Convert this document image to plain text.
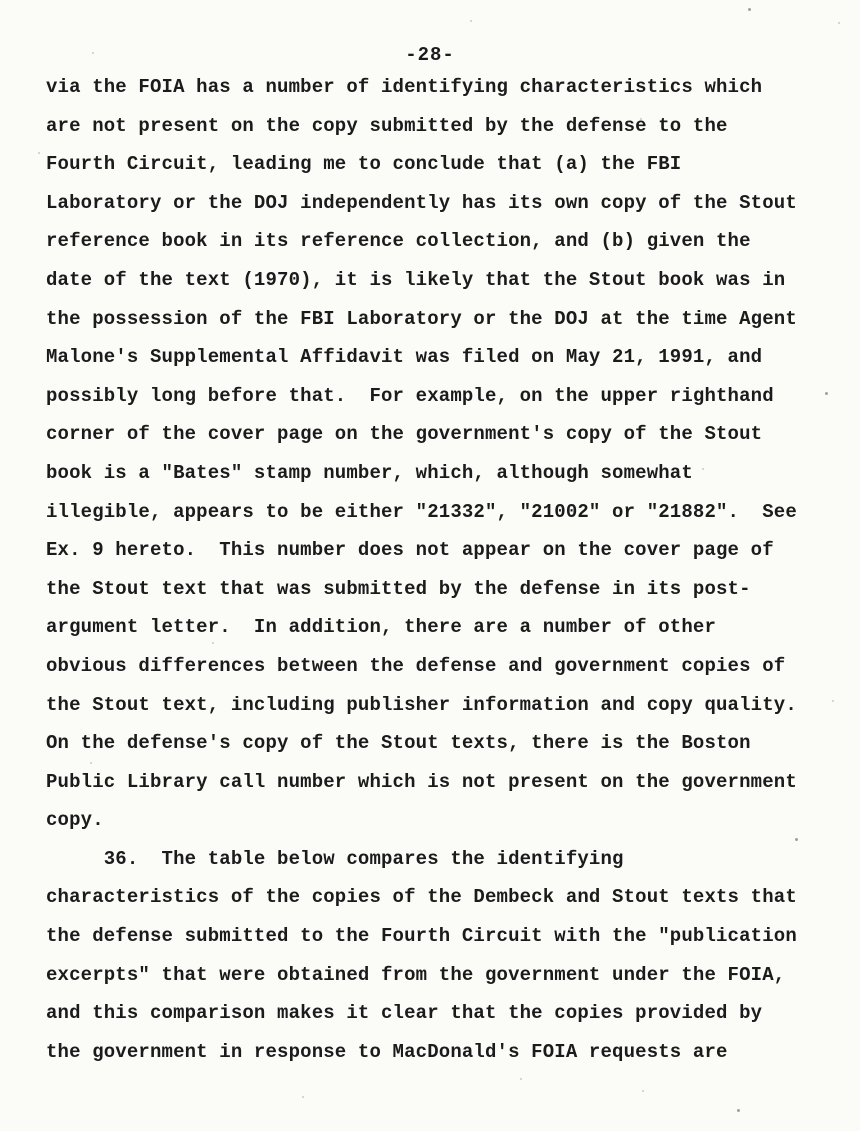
-28-
via the FOIA has a number of identifying characteristics which
are not present on the copy submitted by the defense to the
Fourth Circuit, leading me to conclude that (a) the FBI
Laboratory or the DOJ independently has its own copy of the Stout
reference book in its reference collection, and (b) given the
date of the text (1970), it is likely that the Stout book was in
the possession of the FBI Laboratory or the DOJ at the time Agent
Malone's Supplemental Affidavit was filed on May 21, 1991, and
possibly long before that.  For example, on the upper righthand
corner of the cover page on the government's copy of the Stout
book is a "Bates" stamp number, which, although somewhat
illegible, appears to be either "21332", "21002" or "21882".  See
Ex. 9 hereto.  This number does not appear on the cover page of
the Stout text that was submitted by the defense in its post-
argument letter.  In addition, there are a number of other
obvious differences between the defense and government copies of
the Stout text, including publisher information and copy quality.
On the defense's copy of the Stout texts, there is the Boston
Public Library call number which is not present on the government
copy.
36.  The table below compares the identifying
characteristics of the copies of the Dembeck and Stout texts that
the defense submitted to the Fourth Circuit with the "publication
excerpts" that were obtained from the government under the FOIA,
and this comparison makes it clear that the copies provided by
the government in response to MacDonald's FOIA requests are
